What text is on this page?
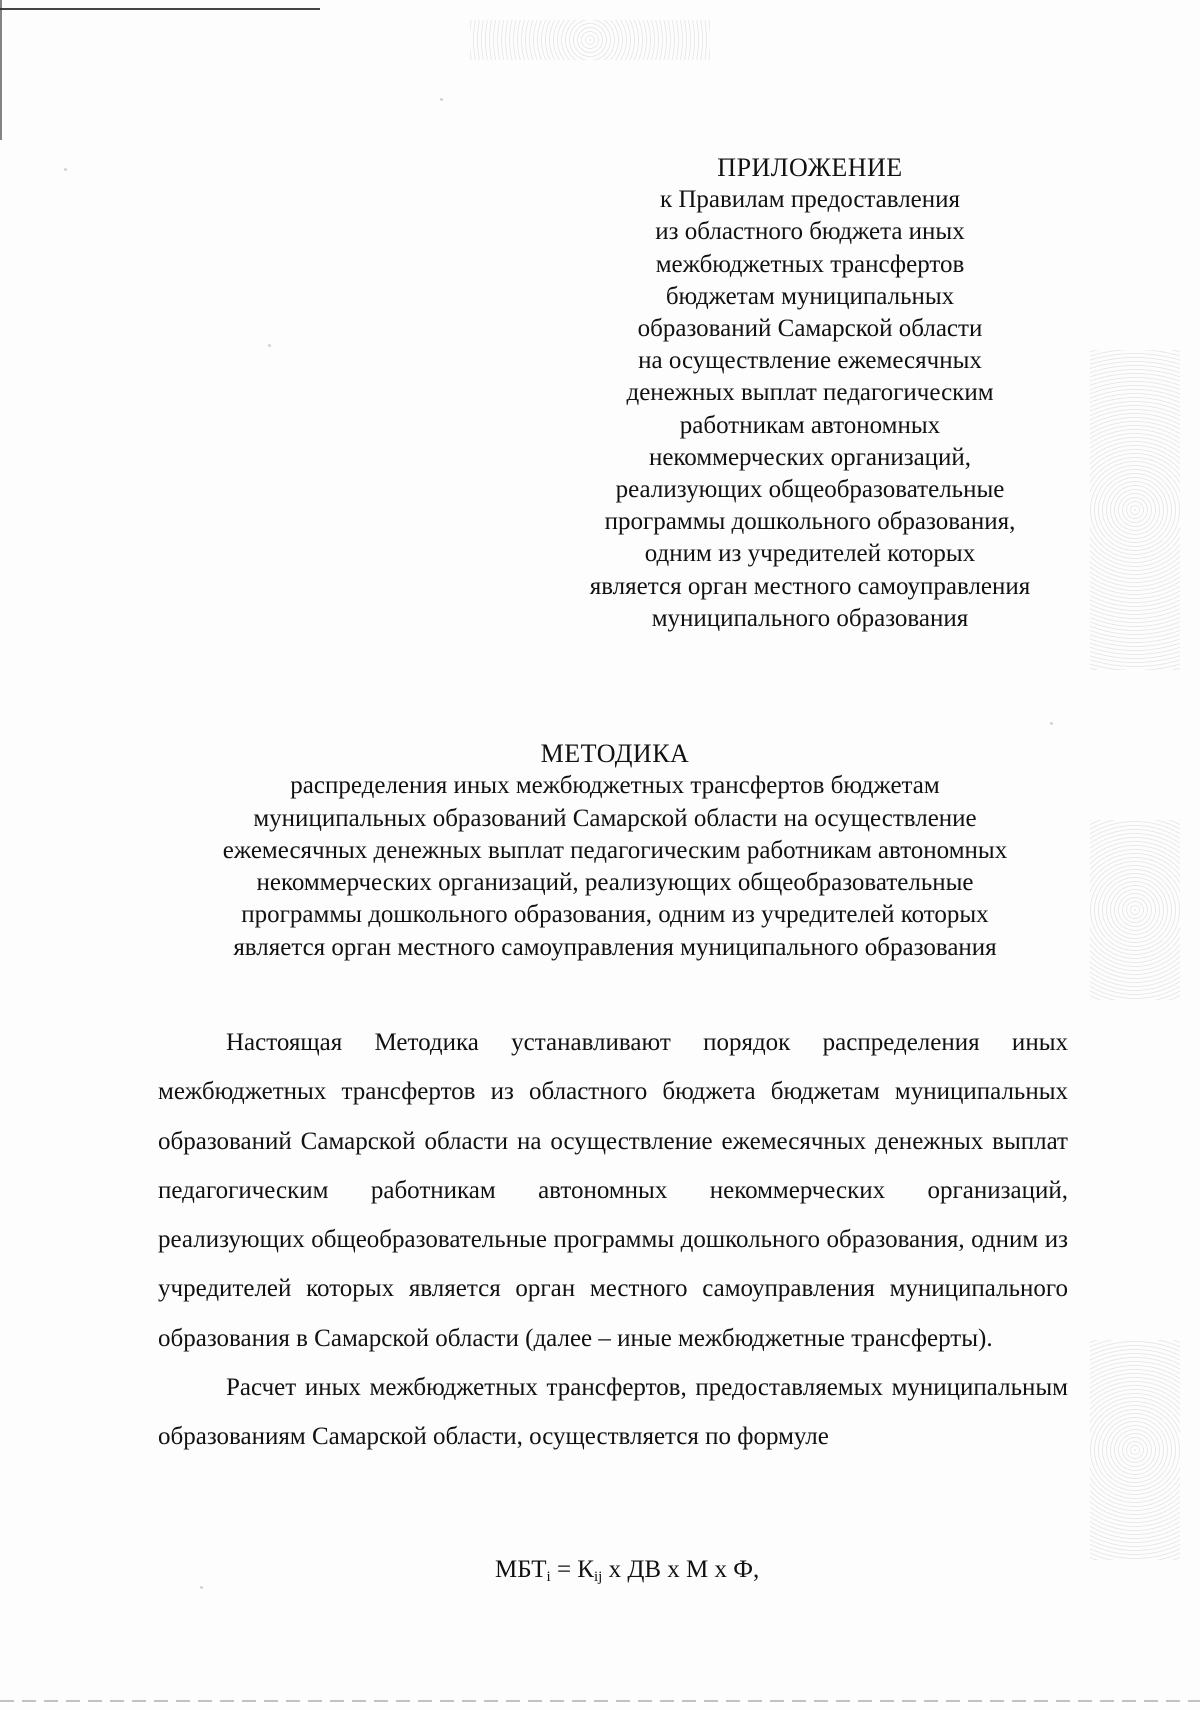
ПРИЛОЖЕНИЕ
к Правилам предоставления
из областного бюджета иных
межбюджетных трансфертов
бюджетам муниципальных
образований Самарской области
на осуществление ежемесячных
денежных выплат педагогическим
работникам автономных
некоммерческих организаций,
реализующих общеобразовательные
программы дошкольного образования,
одним из учредителей которых
является орган местного самоуправления
муниципального образования
МЕТОДИКА
распределения иных межбюджетных трансфертов бюджетам
муниципальных образований Самарской области на осуществление
ежемесячных денежных выплат педагогическим работникам автономных
некоммерческих организаций, реализующих общеобразовательные
программы дошкольного образования, одним из учредителей которых
является орган местного самоуправления муниципального образования

Настоящая Методика устанавливают порядок распределения иных межбюджетных трансфертов из областного бюджета бюджетам муниципальных образований Самарской области на осуществление ежемесячных денежных выплат педагогическим работникам автономных некоммерческих организаций, реализующих общеобразовательные программы дошкольного образования, одним из учредителей которых является орган местного самоуправления муниципального образования в Самарской области (далее – иные межбюджетные трансферты).

Расчет иных межбюджетных трансфертов, предоставляемых муниципальным образованиям Самарской области, осуществляется по формуле

$МБТ_i = К_{ij}$ х ДВ х М х Ф,
